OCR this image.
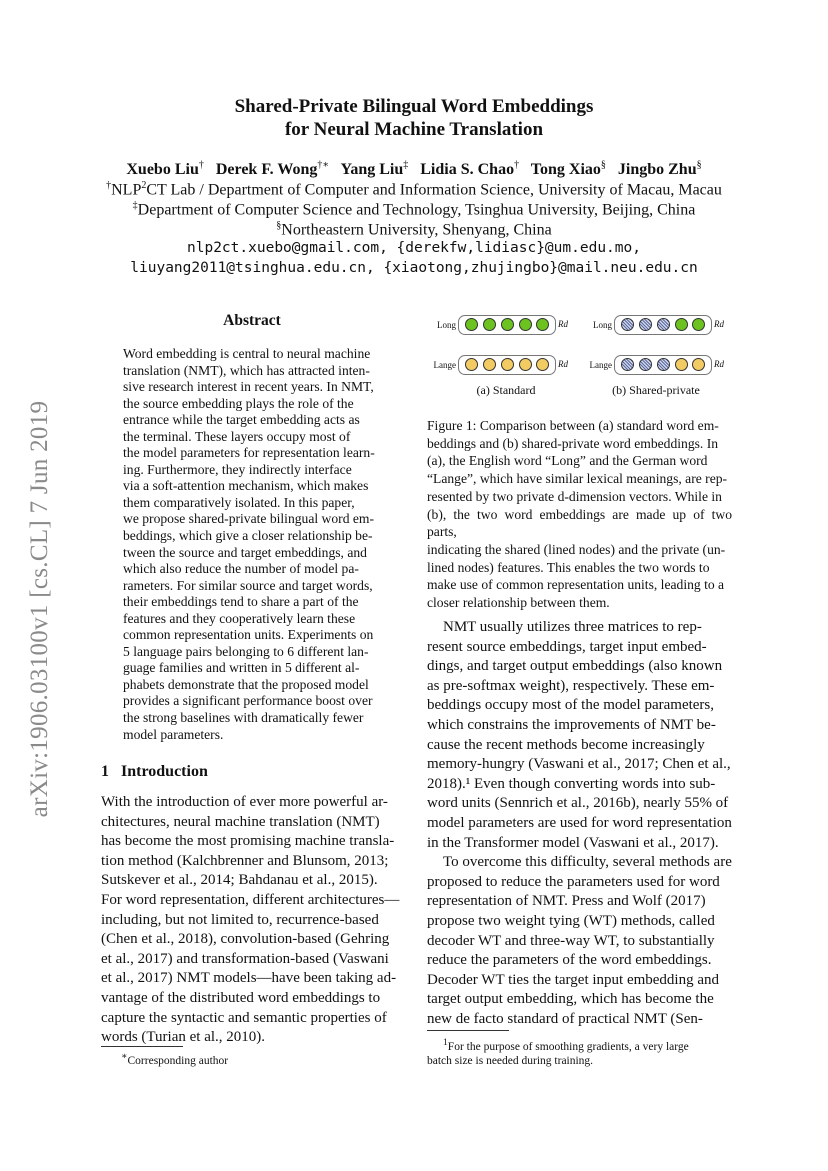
arXiv:1906.03100v1 [cs.CL] 7 Jun 2019
Shared-Private Bilingual Word Embeddings
for Neural Machine Translation
Xuebo Liu† Derek F. Wong†∗ Yang Liu‡ Lidia S. Chao† Tong Xiao§ Jingbo Zhu§
†NLP$^2$CT Lab / Department of Computer and Information Science, University of Macau, Macau
‡Department of Computer Science and Technology, Tsinghua University, Beijing, China
§Northeastern University, Shenyang, China
nlp2ct.xuebo@gmail.com, {derekfw,lidiasc}@um.edu.mo,
liuyang2011@tsinghua.edu.cn, {xiaotong,zhujingbo}@mail.neu.edu.cn
Abstract
Word embedding is central to neural machine
translation (NMT), which has attracted inten-
sive research interest in recent years. In NMT,
the source embedding plays the role of the
entrance while the target embedding acts as
the terminal. These layers occupy most of
the model parameters for representation learn-
ing. Furthermore, they indirectly interface
via a soft-attention mechanism, which makes
them comparatively isolated. In this paper,
we propose shared-private bilingual word em-
beddings, which give a closer relationship be-
tween the source and target embeddings, and
which also reduce the number of model pa-
rameters. For similar source and target words,
their embeddings tend to share a part of the
features and they cooperatively learn these
common representation units. Experiments on
5 language pairs belonging to 6 different lan-
guage families and written in 5 different al-
phabets demonstrate that the proposed model
provides a significant performance boost over
the strong baselines with dramatically fewer
model parameters.
1 Introduction
With the introduction of ever more powerful ar-
chitectures, neural machine translation (NMT)
has become the most promising machine transla-
tion method (Kalchbrenner and Blunsom, 2013;
Sutskever et al., 2014; Bahdanau et al., 2015).
For word representation, different architectures—
including, but not limited to, recurrence-based
(Chen et al., 2018), convolution-based (Gehring
et al., 2017) and transformation-based (Vaswani
et al., 2017) NMT models—have been taking ad-
vantage of the distributed word embeddings to
capture the syntactic and semantic properties of
words (Turian et al., 2010).
∗Corresponding author
Long	Rd
Lange	Rd
Long	Rd
Lange	Rd
(a) Standard	(b) Shared-private
Figure 1: Comparison between (a) standard word em-
beddings and (b) shared-private word embeddings. In
(a), the English word “Long” and the German word
“Lange”, which have similar lexical meanings, are rep-
resented by two private d-dimension vectors. While in
(b), the two word embeddings are made up of two parts,
indicating the shared (lined nodes) and the private (un-
lined nodes) features. This enables the two words to
make use of common representation units, leading to a
closer relationship between them.
NMT usually utilizes three matrices to rep-
resent source embeddings, target input embed-
dings, and target output embeddings (also known
as pre-softmax weight), respectively. These em-
beddings occupy most of the model parameters,
which constrains the improvements of NMT be-
cause the recent methods become increasingly
memory-hungry (Vaswani et al., 2017; Chen et al.,
2018).¹ Even though converting words into sub-
word units (Sennrich et al., 2016b), nearly 55% of
model parameters are used for word representation
in the Transformer model (Vaswani et al., 2017).
To overcome this difficulty, several methods are
proposed to reduce the parameters used for word
representation of NMT. Press and Wolf (2017)
propose two weight tying (WT) methods, called
decoder WT and three-way WT, to substantially
reduce the parameters of the word embeddings.
Decoder WT ties the target input embedding and
target output embedding, which has become the
new de facto standard of practical NMT (Sen-
$^1$For the purpose of smoothing gradients, a very large
batch size is needed during training.
